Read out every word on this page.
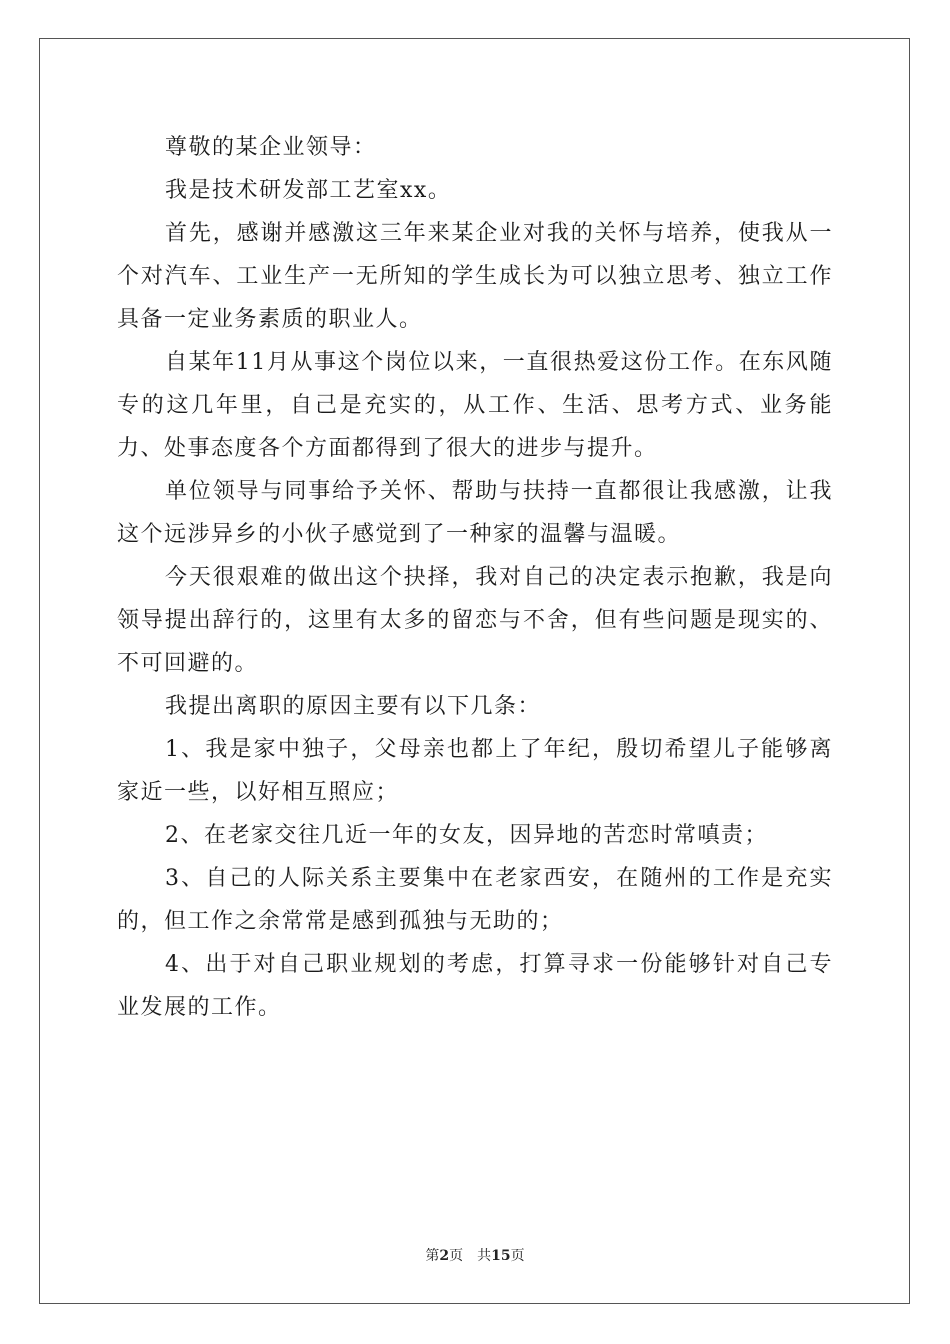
尊敬的某企业领导：

我是技术研发部工艺室xx。

首先，感谢并感激这三年来某企业对我的关怀与培养，使我从一个对汽车、工业生产一无所知的学生成长为可以独立思考、独立工作具备一定业务素质的职业人。

自某年11月从事这个岗位以来，一直很热爱这份工作。在东风随专的这几年里，自己是充实的，从工作、生活、思考方式、业务能力、处事态度各个方面都得到了很大的进步与提升。

单位领导与同事给予关怀、帮助与扶持一直都很让我感激，让我这个远涉异乡的小伙子感觉到了一种家的温馨与温暖。

今天很艰难的做出这个抉择，我对自己的决定表示抱歉，我是向领导提出辞行的，这里有太多的留恋与不舍，但有些问题是现实的、不可回避的。

我提出离职的原因主要有以下几条：

1、我是家中独子，父母亲也都上了年纪，殷切希望儿子能够离家近一些，以好相互照应；

2、在老家交往几近一年的女友，因异地的苦恋时常嗔责；

3、自己的人际关系主要集中在老家西安，在随州的工作是充实的，但工作之余常常是感到孤独与无助的；

4、出于对自己职业规划的考虑，打算寻求一份能够针对自己专业发展的工作。

第2页 共15页
